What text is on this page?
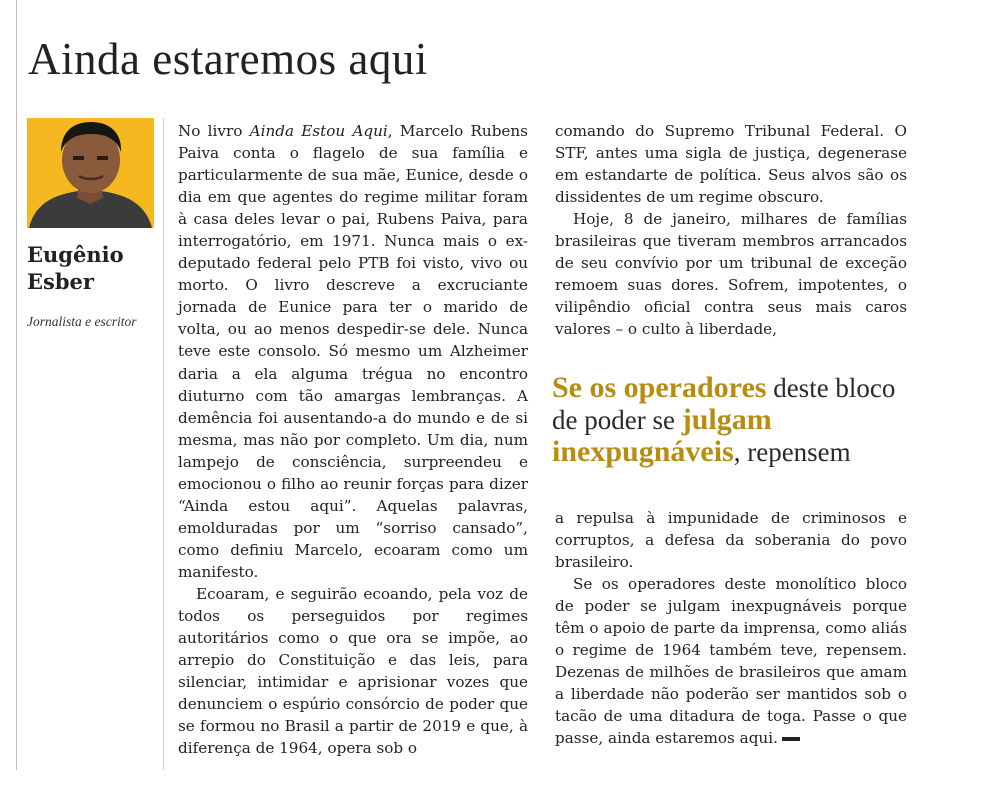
Ainda estaremos aqui
Eugênio
Esber

Jornalista e escritor

No livro Ainda Estou Aqui, Marcelo Rubens Paiva conta o flagelo de sua família e particularmente de sua mãe, Eunice, desde o dia em que agentes do regime militar foram à casa deles levar o pai, Rubens Paiva, para interrogatório, em 1971. Nunca mais o ex-deputado federal pelo PTB foi visto, vivo ou morto. O livro descreve a excruciante jornada de Eunice para ter o marido de volta, ou ao menos despedir-se dele. Nunca teve este consolo. Só mesmo um Alzheimer daria a ela alguma trégua no encontro diuturno com tão amargas lembranças. A demência foi ausentando-a do mundo e de si mesma, mas não por completo. Um dia, num lampejo de consciência, surpreendeu e emocionou o filho ao reunir forças para dizer “Ainda estou aqui”. Aquelas palavras, emolduradas por um “sorriso cansado”, como definiu Marcelo, ecoaram como um manifesto.

Ecoaram, e seguirão ecoando, pela voz de todos os perseguidos por regimes autoritários como o que ora se impõe, ao arrepio do Constituição e das leis, para silenciar, intimidar e aprisionar vozes que denunciem o espúrio consórcio de poder que se formou no Brasil a partir de 2019 e que, à diferença de 1964, opera sob o

comando do Supremo Tribunal Federal. O STF, antes uma sigla de justiça, degenerase em estandarte de política. Seus alvos são os dissidentes de um regime obscuro.

Hoje, 8 de janeiro, milhares de famílias brasileiras que tiveram membros arrancados de seu convívio por um tribunal de exceção remoem suas dores. Sofrem, impotentes, o vilipêndio oficial contra seus mais caros valores – o culto à liberdade,

Se os operadores deste bloco de poder se julgam inexpugnáveis, repensem

a repulsa à impunidade de criminosos e corruptos, a defesa da soberania do povo brasileiro.

Se os operadores deste monolítico bloco de poder se julgam inexpugnáveis porque têm o apoio de parte da imprensa, como aliás o regime de 1964 também teve, repensem. Dezenas de milhões de brasileiros que amam a liberdade não poderão ser mantidos sob o tacão de uma ditadura de toga. Passe o que passe, ainda estaremos aqui.
